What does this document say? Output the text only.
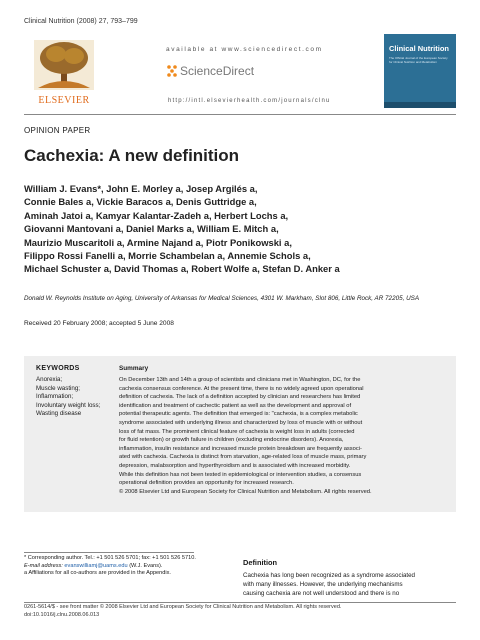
Clinical Nutrition (2008) 27, 793–799
ELSEVIER
available at www.sciencedirect.com
ScienceDirect
http://intl.elsevierhealth.com/journals/clnu
Clinical Nutrition
The Official Journal of the European Society for Clinical Nutrition and Metabolism
OPINION PAPER
Cachexia: A new definition
William J. Evans*, John E. Morley a, Josep Argilés a,
Connie Bales a, Vickie Baracos a, Denis Guttridge a,
Aminah Jatoi a, Kamyar Kalantar-Zadeh a, Herbert Lochs a,
Giovanni Mantovani a, Daniel Marks a, William E. Mitch a,
Maurizio Muscaritoli a, Armine Najand a, Piotr Ponikowski a,
Filippo Rossi Fanelli a, Morrie Schambelan a, Annemie Schols a,
Michael Schuster a, David Thomas a, Robert Wolfe a, Stefan D. Anker a
Donald W. Reynolds Institute on Aging, University of Arkansas for Medical Sciences, 4301 W. Markham, Slot 806, Little Rock, AR 72205, USA
Received 20 February 2008; accepted 5 June 2008
KEYWORDS
Anorexia;
Muscle wasting;
Inflammation;
Involuntary weight loss;
Wasting disease
Summary
On December 13th and 14th a group of scientists and clinicians met in Washington, DC, for the
cachexia consensus conference. At the present time, there is no widely agreed upon operational
definition of cachexia. The lack of a definition accepted by clinician and researchers has limited
identification and treatment of cachectic patient as well as the development and approval of
potential therapeutic agents. The definition that emerged is: "cachexia, is a complex metabolic
syndrome associated with underlying illness and characterized by loss of muscle with or without
loss of fat mass. The prominent clinical feature of cachexia is weight loss in adults (corrected
for fluid retention) or growth failure in children (excluding endocrine disorders). Anorexia,
inflammation, insulin resistance and increased muscle protein breakdown are frequently associ-
ated with cachexia. Cachexia is distinct from starvation, age-related loss of muscle mass, primary
depression, malabsorption and hyperthyroidism and is associated with increased morbidity.
While this definition has not been tested in epidemiological or intervention studies, a consensus
operational definition provides an opportunity for increased research.
© 2008 Elsevier Ltd and European Society for Clinical Nutrition and Metabolism. All rights reserved.
* Corresponding author. Tel.: +1 501 526 5701; fax: +1 501 526 5710.
E-mail address: evanswilliamj@uams.edu (W.J. Evans).
a Affiliations for all co-authors are provided in the Appendix.
Definition
Cachexia has long been recognized as a syndrome associated
with many illnesses. However, the underlying mechanisms
causing cachexia are not well understood and there is no
0261-5614/$ - see front matter © 2008 Elsevier Ltd and European Society for Clinical Nutrition and Metabolism. All rights reserved.
doi:10.1016/j.clnu.2008.06.013
